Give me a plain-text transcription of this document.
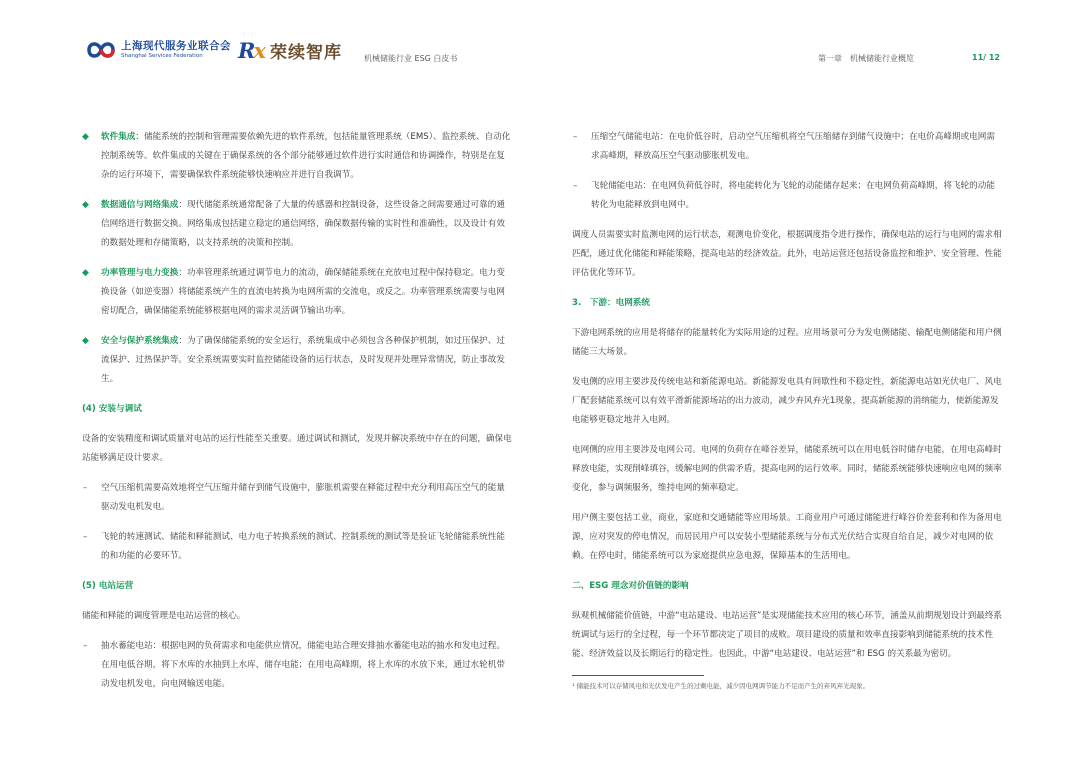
上海现代服务业联合会
Shanghai Services Federation	Rx 荣续智库	机械储能行业 ESG 白皮书	第一章　机械储能行业概览	11/ 12
◆ 软件集成：储能系统的控制和管理需要依赖先进的软件系统，包括能量管理系统（EMS）、监控系统、自动化控制系统等。软件集成的关键在于确保系统的各个部分能够通过软件进行实时通信和协调操作，特别是在复杂的运行环境下，需要确保软件系统能够快速响应并进行自我调节。
◆ 数据通信与网络集成：现代储能系统通常配备了大量的传感器和控制设备，这些设备之间需要通过可靠的通信网络进行数据交换。网络集成包括建立稳定的通信网络，确保数据传输的实时性和准确性，以及设计有效的数据处理和存储策略，以支持系统的决策和控制。
◆ 功率管理与电力变换：功率管理系统通过调节电力的流动，确保储能系统在充放电过程中保持稳定。电力变换设备（如逆变器）将储能系统产生的直流电转换为电网所需的交流电，或反之。功率管理系统需要与电网密切配合，确保储能系统能够根据电网的需求灵活调节输出功率。
◆ 安全与保护系统集成：为了确保储能系统的安全运行，系统集成中必须包含各种保护机制，如过压保护、过流保护、过热保护等。安全系统需要实时监控储能设备的运行状态，及时发现并处理异常情况，防止事故发生。
(4) 安装与调试
设备的安装精度和调试质量对电站的运行性能至关重要。通过调试和测试，发现并解决系统中存在的问题，确保电站能够满足设计要求。
– 空气压缩机需要高效地将空气压缩并储存到储气设施中，膨胀机需要在释能过程中充分利用高压空气的能量驱动发电机发电。
– 飞轮的转速测试、储能和释能测试、电力电子转换系统的测试、控制系统的测试等是验证飞轮储能系统性能的和功能的必要环节。
(5) 电站运营
储能和释能的调度管理是电站运营的核心。
– 抽水蓄能电站：根据电网的负荷需求和电能供应情况，储能电站合理安排抽水蓄能电站的抽水和发电过程。在用电低谷期，将下水库的水抽到上水库，储存电能；在用电高峰期，将上水库的水放下来，通过水轮机带动发电机发电，向电网输送电能。
– 压缩空气储能电站：在电价低谷时，启动空气压缩机将空气压缩储存到储气设施中；在电价高峰期或电网需求高峰期，释放高压空气驱动膨胀机发电。
– 飞轮储能电站：在电网负荷低谷时，将电能转化为飞轮的动能储存起来；在电网负荷高峰期，将飞轮的动能转化为电能释放到电网中。
调度人员需要实时监测电网的运行状态，观测电价变化，根据调度指令进行操作，确保电站的运行与电网的需求相匹配，通过优化储能和释能策略，提高电站的经济效益。此外，电站运营还包括设备监控和维护、安全管理、性能评估优化等环节。
3.　下游：电网系统
下游电网系统的应用是将储存的能量转化为实际用途的过程。应用场景可分为发电侧储能、输配电侧储能和用户侧储能三大场景。
发电侧的应用主要涉及传统电站和新能源电站。新能源发电具有间歇性和不稳定性，新能源电站如光伏电厂、风电厂配套储能系统可以有效平滑新能源场站的出力波动，减少弃风弃光1现象，提高新能源的消纳能力，使新能源发电能够更稳定地并入电网。
电网侧的应用主要涉及电网公司。电网的负荷存在峰谷差异，储能系统可以在用电低谷时储存电能，在用电高峰时释放电能，实现削峰填谷，缓解电网的供需矛盾，提高电网的运行效率。同时，储能系统能够快速响应电网的频率变化，参与调频服务，维持电网的频率稳定。
用户侧主要包括工业，商业，家庭和交通储能等应用场景。工商业用户可通过储能进行峰谷价差套利和作为备用电源，应对突发的停电情况，而居民用户可以安装小型储能系统与分布式光伏结合实现自给自足，减少对电网的依赖。在停电时，储能系统可以为家庭提供应急电源，保障基本的生活用电。
二、ESG 理念对价值链的影响
纵观机械储能价值链，中游“电站建设、电站运营”是实现储能技术应用的核心环节，涵盖从前期规划设计到最终系统调试与运行的全过程，每一个环节都决定了项目的成败。项目建设的质量和效率直接影响到储能系统的技术性能、经济效益以及长期运行的稳定性。也因此，中游“电站建设、电站运营”和 ESG 的关系最为密切。
¹ 储能技术可以存储风电和光伏发电产生的过剩电能，减少因电网调节能力不足而产生的弃风弃光现象。
